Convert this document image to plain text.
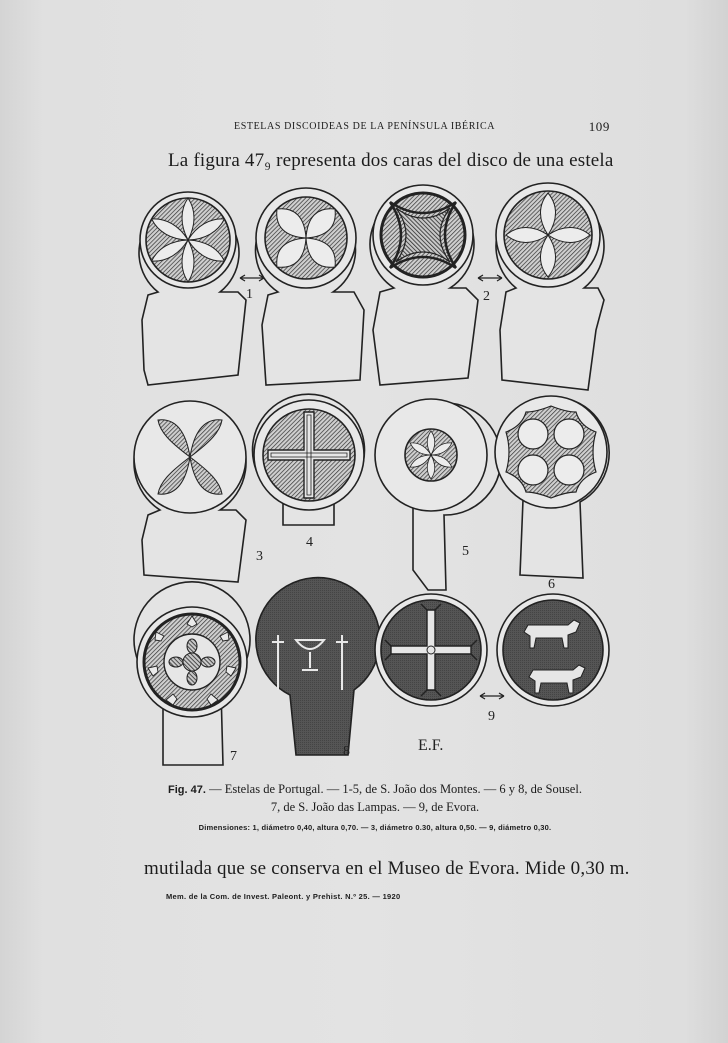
ESTELAS DISCOIDEAS DE LA PENÍNSULA IBÉRICA	109
La figura 47₉ representa dos caras del disco de una estela
1	2
3
4
5
6
7	8
9
E.F.
Fig. 47. — Estelas de Portugal. — 1-5, de S. João dos Montes. — 6 y 8, de Sousel.
7, de S. João das Lampas. — 9, de Evora.
Dimensiones: 1, diámetro 0,40, altura 0,70. — 3, diámetro 0.30, altura 0,50. — 9, diámetro 0,30.
mutilada que se conserva en el Museo de Evora. Mide 0,30 m.
Mem. de la Com. de Invest. Paleont. y Prehist. N.º 25. — 1920
